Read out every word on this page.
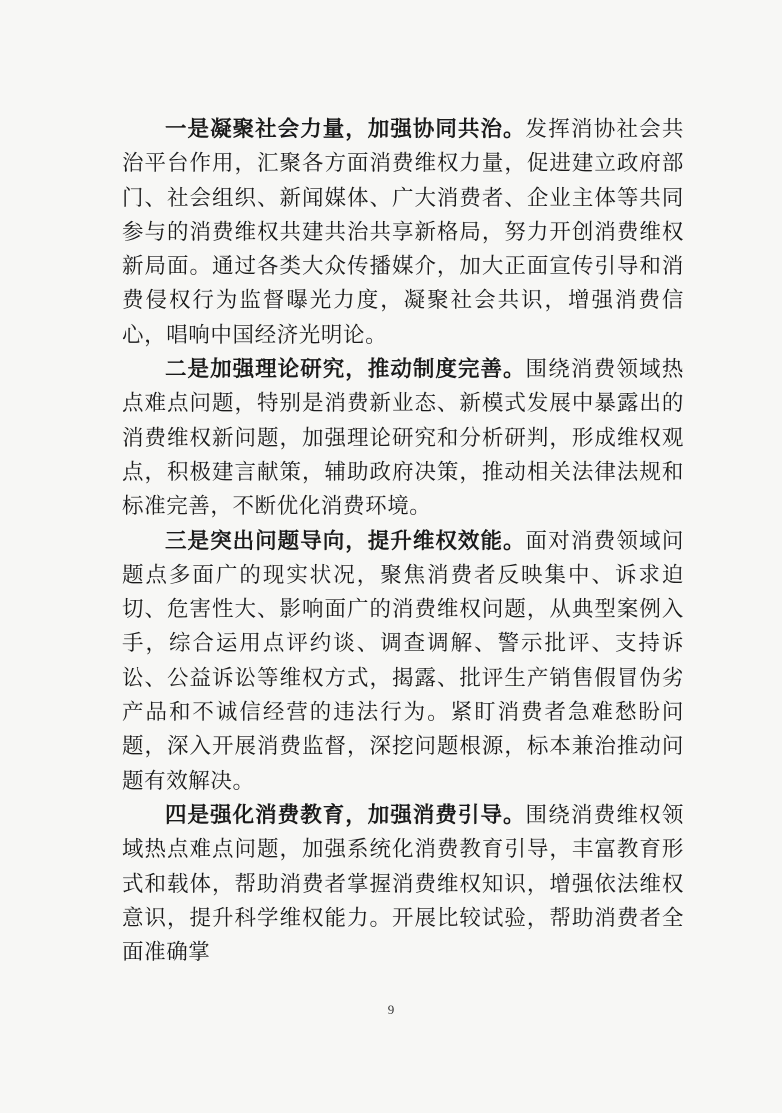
一是凝聚社会力量，加强协同共治。发挥消协社会共治平台作用，汇聚各方面消费维权力量，促进建立政府部门、社会组织、新闻媒体、广大消费者、企业主体等共同参与的消费维权共建共治共享新格局，努力开创消费维权新局面。通过各类大众传播媒介，加大正面宣传引导和消费侵权行为监督曝光力度，凝聚社会共识，增强消费信心，唱响中国经济光明论。

二是加强理论研究，推动制度完善。围绕消费领域热点难点问题，特别是消费新业态、新模式发展中暴露出的消费维权新问题，加强理论研究和分析研判，形成维权观点，积极建言献策，辅助政府决策，推动相关法律法规和标准完善，不断优化消费环境。

三是突出问题导向，提升维权效能。面对消费领域问题点多面广的现实状况，聚焦消费者反映集中、诉求迫切、危害性大、影响面广的消费维权问题，从典型案例入手，综合运用点评约谈、调查调解、警示批评、支持诉讼、公益诉讼等维权方式，揭露、批评生产销售假冒伪劣产品和不诚信经营的违法行为。紧盯消费者急难愁盼问题，深入开展消费监督，深挖问题根源，标本兼治推动问题有效解决。

四是强化消费教育，加强消费引导。围绕消费维权领域热点难点问题，加强系统化消费教育引导，丰富教育形式和载体，帮助消费者掌握消费维权知识，增强依法维权意识，提升科学维权能力。开展比较试验，帮助消费者全面准确掌

9
